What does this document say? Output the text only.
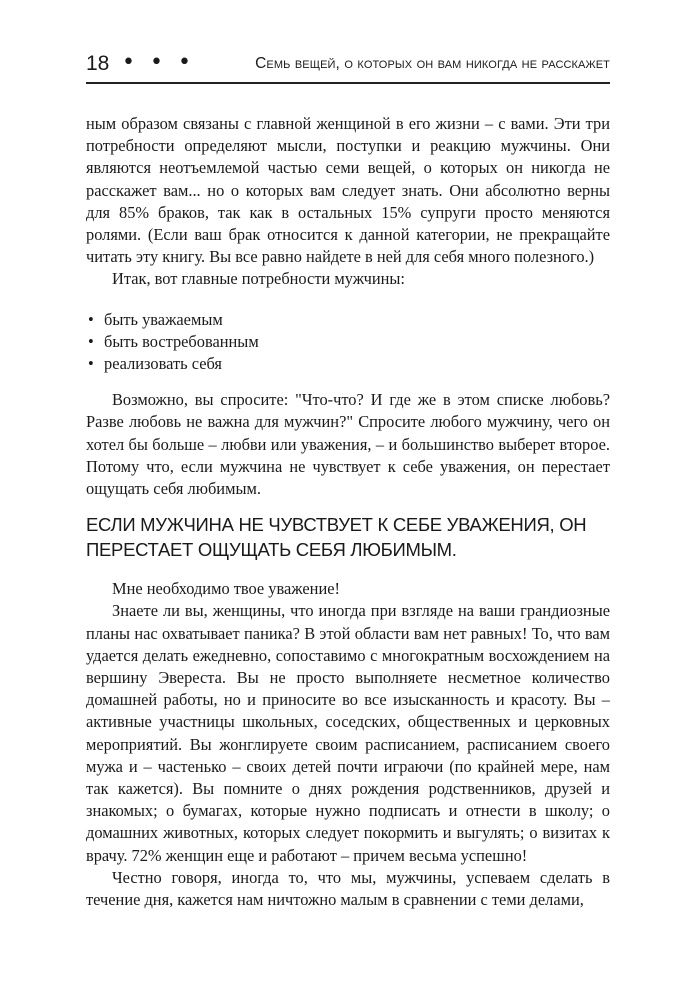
18 • • •	Семь вещей, о которых он вам никогда не расскажет

ным образом связаны с главной женщиной в его жизни – с вами. Эти три потребности определяют мысли, поступки и реакцию мужчины. Они являются неотъемлемой частью семи вещей, о которых он никогда не расскажет вам... но о которых вам следует знать. Они абсолютно верны для 85% браков, так как в остальных 15% супруги просто меняются ролями. (Если ваш брак относится к данной категории, не прекращайте читать эту книгу. Вы все равно найдете в ней для себя много полезного.)

Итак, вот главные потребности мужчины:

• быть уважаемым
• быть востребованным
• реализовать себя

Возможно, вы спросите: "Что-что? И где же в этом списке любовь? Разве любовь не важна для мужчин?" Спросите любого мужчину, чего он хотел бы больше – любви или уважения, – и большинство выберет второе. Потому что, если мужчина не чувствует к себе уважения, он перестает ощущать себя любимым.

ЕСЛИ МУЖЧИНА НЕ ЧУВСТВУЕТ К СЕБЕ УВАЖЕНИЯ, ОН ПЕРЕСТАЕТ ОЩУЩАТЬ СЕБЯ ЛЮБИМЫМ.

Мне необходимо твое уважение!

Знаете ли вы, женщины, что иногда при взгляде на ваши грандиозные планы нас охватывает паника? В этой области вам нет равных! То, что вам удается делать ежедневно, сопоставимо с многократным восхождением на вершину Эвереста. Вы не просто выполняете несметное количество домашней работы, но и приносите во все изысканность и красоту. Вы – активные участницы школьных, соседских, общественных и церковных мероприятий. Вы жонглируете своим расписанием, расписанием своего мужа и – частенько – своих детей почти играючи (по крайней мере, нам так кажется). Вы помните о днях рождения родственников, друзей и знакомых; о бумагах, которые нужно подписать и отнести в школу; о домашних животных, которых следует покормить и выгулять; о визитах к врачу. 72% женщин еще и работают – причем весьма успешно!

Честно говоря, иногда то, что мы, мужчины, успеваем сделать в течение дня, кажется нам ничтожно малым в сравнении с теми делами,
